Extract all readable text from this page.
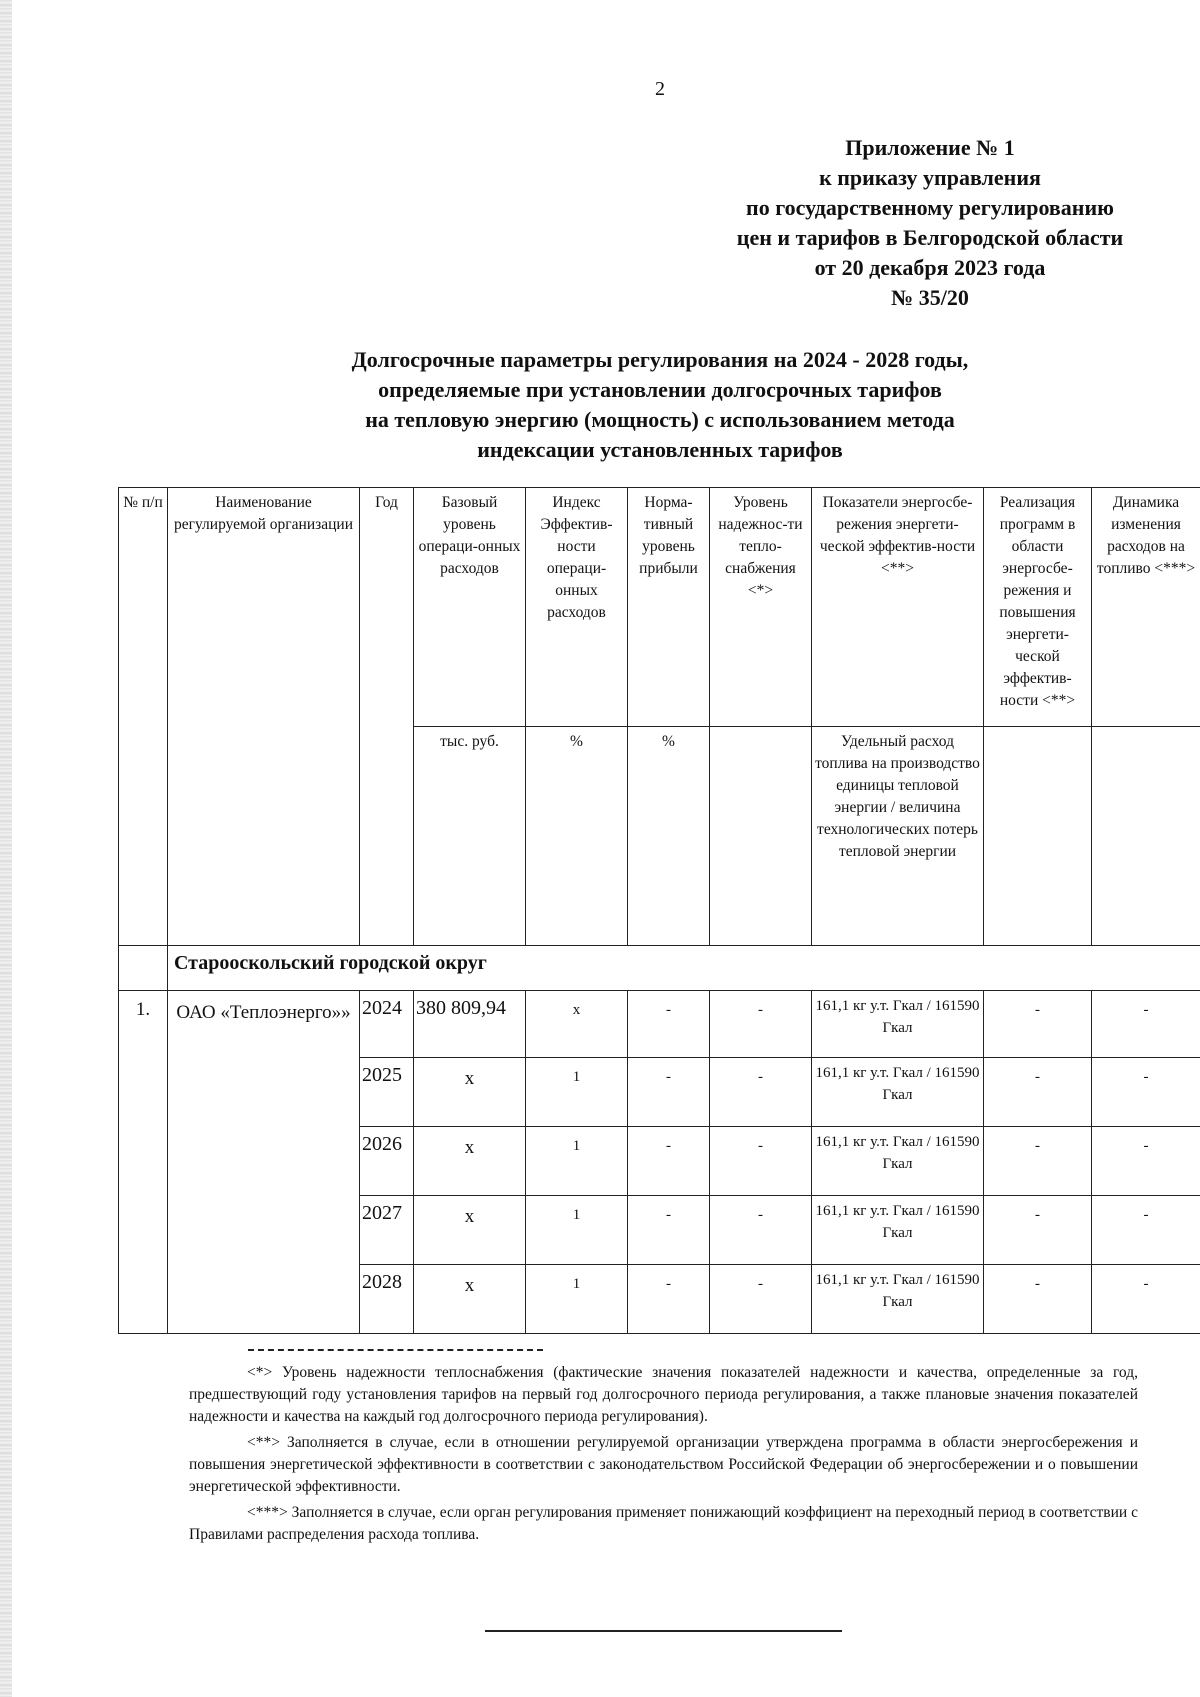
2
Приложение № 1
к приказу управления
по государственному регулированию
цен и тарифов в Белгородской области
от 20 декабря 2023 года
№ 35/20
Долгосрочные параметры регулирования на 2024 - 2028 годы,
определяемые при установлении долгосрочных тарифов
на тепловую энергию (мощность) с использованием метода
индексации установленных тарифов
№ п/п	Наименование регулируемой организации	Год	Базовый уровень операци-онных расходов	Индекс Эффектив-ности операци-онных расходов	Норма-тивный уровень прибыли	Уровень надежнос-ти тепло-снабжения <*>	Показатели энергосбе-режения энергети-ческой эффектив-ности <**>	Реализация программ в области энергосбе-режения и повышения энергети-ческой эффектив-ности <**>	Динамика изменения расходов на топливо <***>
			тыс. руб.	%	%		Удельный расход топлива на производство единицы тепловой энергии / величина технологических потерь тепловой энергии		
	Старооскольский городской округ								
1.	ОАО «Теплоэнерго»»	2024	380 809,94	х	-	-	161,1 кг у.т. Гкал / 161590 Гкал	-	-
		2025	х	1	-	-	161,1 кг у.т. Гкал / 161590 Гкал	-	-
		2026	х	1	-	-	161,1 кг у.т. Гкал / 161590 Гкал	-	-
		2027	х	1	-	-	161,1 кг у.т. Гкал / 161590 Гкал	-	-
		2028	х	1	-	-	161,1 кг у.т. Гкал / 161590 Гкал	-	-

<*> Уровень надежности теплоснабжения (фактические значения показателей надежности и качества, определенные за год, предшествующий году установления тарифов на первый год долгосрочного периода регулирования, а также плановые значения показателей надежности и качества на каждый год долгосрочного периода регулирования).

<**> Заполняется в случае, если в отношении регулируемой организации утверждена программа в области энергосбережения и повышения энергетической эффективности в соответствии с законодательством Российской Федерации об энергосбережении и о повышении энергетической эффективности.

<***> Заполняется в случае, если орган регулирования применяет понижающий коэффициент на переходный период в соответствии с Правилами распределения расхода топлива.
